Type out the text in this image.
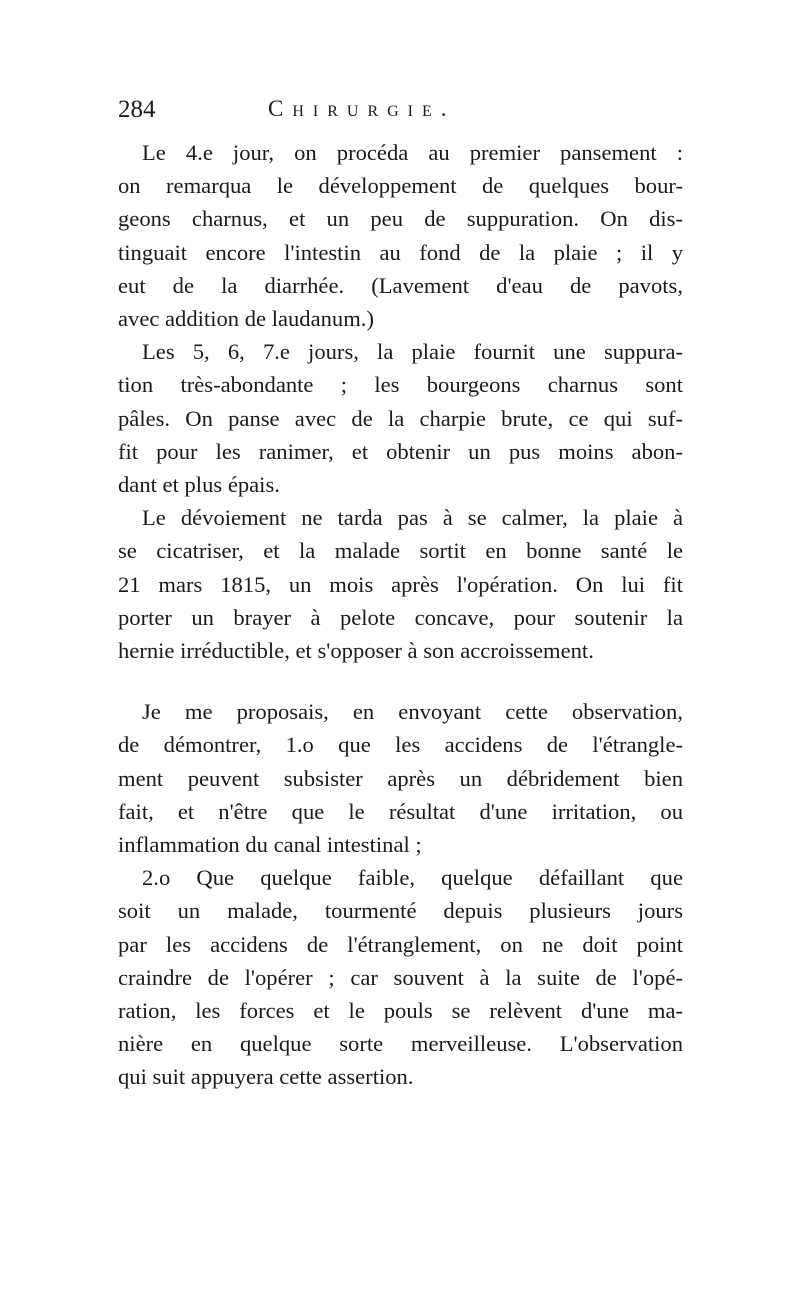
284	Chirurgie.

Le 4.e jour, on procéda au premier pansement :
on remarqua le développement de quelques bour-
geons charnus, et un peu de suppuration. On dis-
tinguait encore l'intestin au fond de la plaie ; il y
eut de la diarrhée. (Lavement d'eau de pavots,
avec addition de laudanum.)

Les 5, 6, 7.e jours, la plaie fournit une suppura-
tion très-abondante ; les bourgeons charnus sont
pâles. On panse avec de la charpie brute, ce qui suf-
fit pour les ranimer, et obtenir un pus moins abon-
dant et plus épais.

Le dévoiement ne tarda pas à se calmer, la plaie à
se cicatriser, et la malade sortit en bonne santé le
21 mars 1815, un mois après l'opération. On lui fit
porter un brayer à pelote concave, pour soutenir la
hernie irréductible, et s'opposer à son accroissement.

Je me proposais, en envoyant cette observation,
de démontrer, 1.o que les accidens de l'étrangle-
ment peuvent subsister après un débridement bien
fait, et n'être que le résultat d'une irritation, ou
inflammation du canal intestinal ;

2.o Que quelque faible, quelque défaillant que
soit un malade, tourmenté depuis plusieurs jours
par les accidens de l'étranglement, on ne doit point
craindre de l'opérer ; car souvent à la suite de l'opé-
ration, les forces et le pouls se relèvent d'une ma-
nière en quelque sorte merveilleuse. L'observation
qui suit appuyera cette assertion.
